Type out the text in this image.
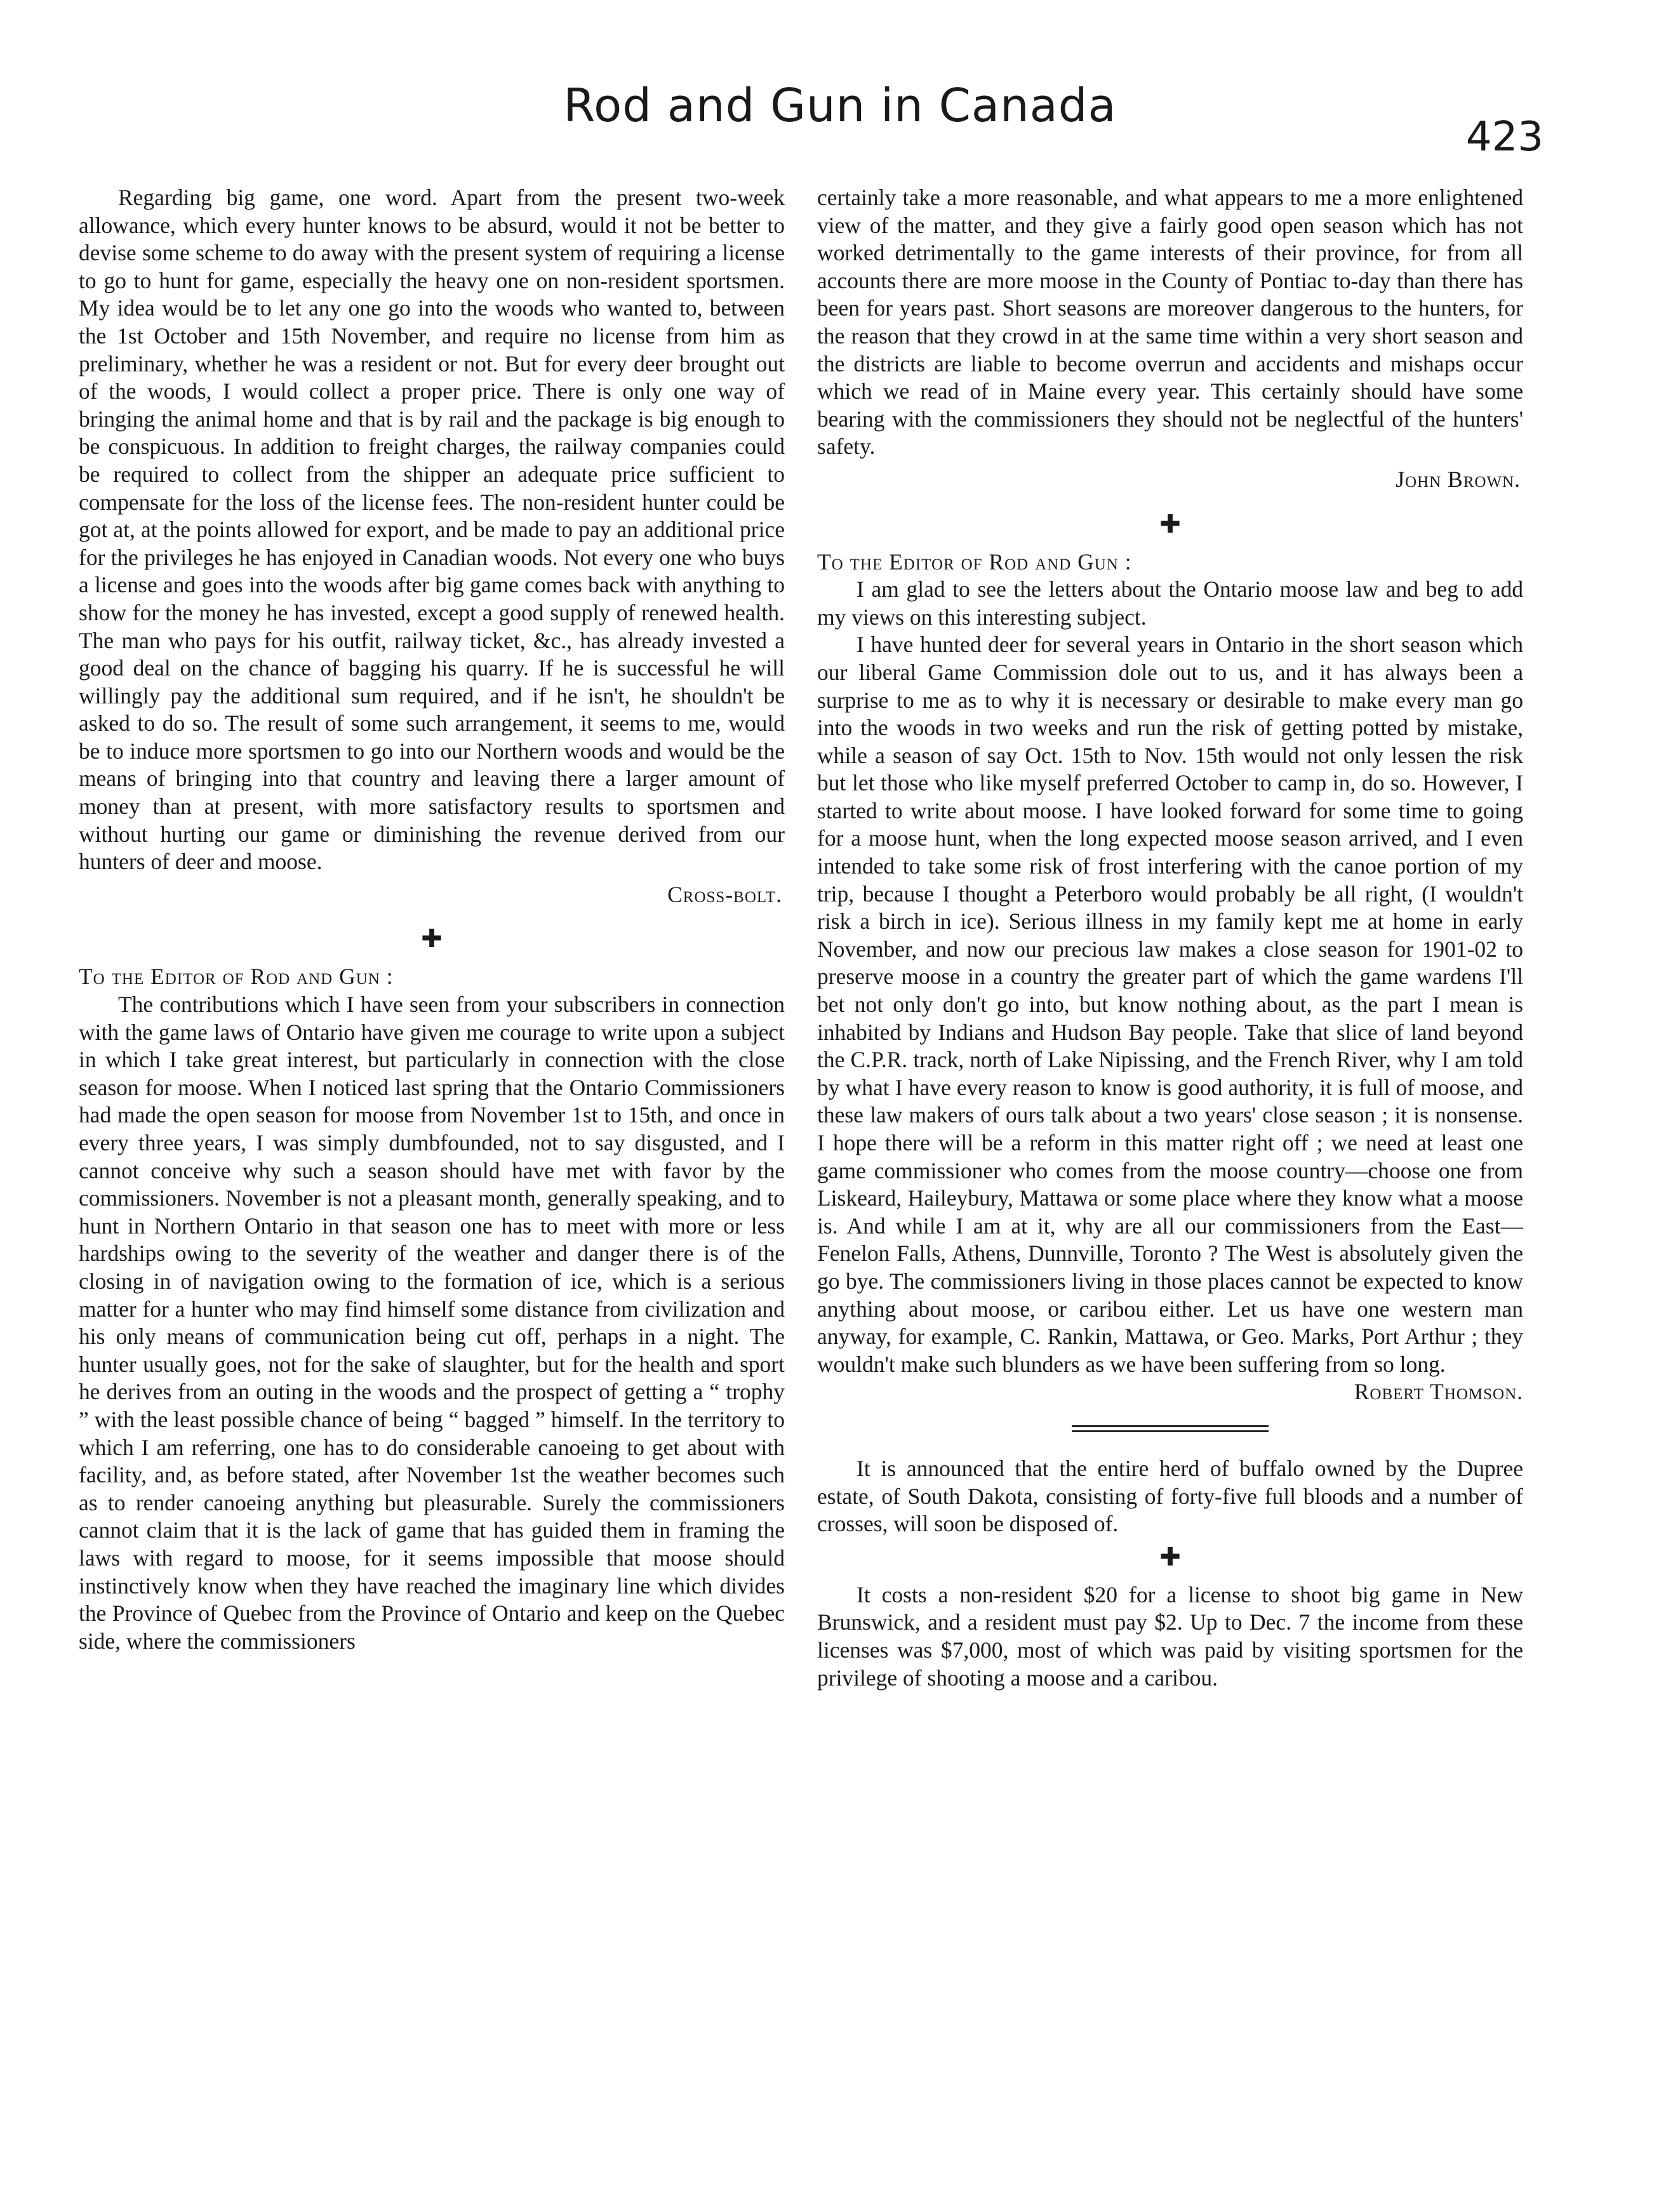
Rod and Gun in Canada
423

Regarding big game, one word. Apart from the present two-week allowance, which every hunter knows to be absurd, would it not be better to devise some scheme to do away with the present system of requiring a license to go to hunt for game, especially the heavy one on non-resident sportsmen. My idea would be to let any one go into the woods who wanted to, between the 1st October and 15th November, and require no license from him as preliminary, whether he was a resident or not. But for every deer brought out of the woods, I would collect a proper price. There is only one way of bringing the animal home and that is by rail and the package is big enough to be conspicuous. In addition to freight charges, the railway companies could be required to collect from the shipper an adequate price sufficient to compensate for the loss of the license fees. The non-resident hunter could be got at, at the points allowed for export, and be made to pay an additional price for the privileges he has enjoyed in Canadian woods. Not every one who buys a license and goes into the woods after big game comes back with anything to show for the money he has invested, except a good supply of renewed health. The man who pays for his outfit, railway ticket, &c., has already invested a good deal on the chance of bagging his quarry. If he is successful he will willingly pay the additional sum required, and if he isn't, he shouldn't be asked to do so. The result of some such arrangement, it seems to me, would be to induce more sportsmen to go into our Northern woods and would be the means of bringing into that country and leaving there a larger amount of money than at present, with more satisfactory results to sportsmen and without hurting our game or diminishing the revenue derived from our hunters of deer and moose.

Cross-bolt.
✚

To the Editor of Rod and Gun :

The contributions which I have seen from your subscribers in connection with the game laws of Ontario have given me courage to write upon a subject in which I take great interest, but particularly in connection with the close season for moose. When I noticed last spring that the Ontario Commissioners had made the open season for moose from November 1st to 15th, and once in every three years, I was simply dumbfounded, not to say disgusted, and I cannot conceive why such a season should have met with favor by the commissioners. November is not a pleasant month, generally speaking, and to hunt in Northern Ontario in that season one has to meet with more or less hardships owing to the severity of the weather and danger there is of the closing in of navigation owing to the formation of ice, which is a serious matter for a hunter who may find himself some distance from civilization and his only means of communication being cut off, perhaps in a night. The hunter usually goes, not for the sake of slaughter, but for the health and sport he derives from an outing in the woods and the prospect of getting a “ trophy ” with the least possible chance of being “ bagged ” himself. In the territory to which I am referring, one has to do considerable canoeing to get about with facility, and, as before stated, after November 1st the weather becomes such as to render canoeing anything but pleasurable. Surely the commissioners cannot claim that it is the lack of game that has guided them in framing the laws with regard to moose, for it seems impossible that moose should instinctively know when they have reached the imaginary line which divides the Province of Quebec from the Province of Ontario and keep on the Quebec side, where the commissioners

certainly take a more reasonable, and what appears to me a more enlightened view of the matter, and they give a fairly good open season which has not worked detrimentally to the game interests of their province, for from all accounts there are more moose in the County of Pontiac to-day than there has been for years past. Short seasons are moreover dangerous to the hunters, for the reason that they crowd in at the same time within a very short season and the districts are liable to become overrun and accidents and mishaps occur which we read of in Maine every year. This certainly should have some bearing with the commissioners they should not be neglectful of the hunters' safety.

John Brown.
✚

To the Editor of Rod and Gun :

I am glad to see the letters about the Ontario moose law and beg to add my views on this interesting subject.

I have hunted deer for several years in Ontario in the short season which our liberal Game Commission dole out to us, and it has always been a surprise to me as to why it is necessary or desirable to make every man go into the woods in two weeks and run the risk of getting potted by mistake, while a season of say Oct. 15th to Nov. 15th would not only lessen the risk but let those who like myself preferred October to camp in, do so. However, I started to write about moose. I have looked forward for some time to going for a moose hunt, when the long expected moose season arrived, and I even intended to take some risk of frost interfering with the canoe portion of my trip, because I thought a Peterboro would probably be all right, (I wouldn't risk a birch in ice). Serious illness in my family kept me at home in early November, and now our precious law makes a close season for 1901-02 to preserve moose in a country the greater part of which the game wardens I'll bet not only don't go into, but know nothing about, as the part I mean is inhabited by Indians and Hudson Bay people. Take that slice of land beyond the C.P.R. track, north of Lake Nipissing, and the French River, why I am told by what I have every reason to know is good authority, it is full of moose, and these law makers of ours talk about a two years' close season ; it is nonsense. I hope there will be a reform in this matter right off ; we need at least one game commissioner who comes from the moose country—choose one from Liskeard, Haileybury, Mattawa or some place where they know what a moose is. And while I am at it, why are all our commissioners from the East—Fenelon Falls, Athens, Dunnville, Toronto ? The West is absolutely given the go bye. The commissioners living in those places cannot be expected to know anything about moose, or caribou either. Let us have one western man anyway, for example, C. Rankin, Mattawa, or Geo. Marks, Port Arthur ; they wouldn't make such blunders as we have been suffering from so long.
Robert Thomson.

It is announced that the entire herd of buffalo owned by the Dupree estate, of South Dakota, consisting of forty-five full bloods and a number of crosses, will soon be disposed of.

✚

It costs a non-resident $20 for a license to shoot big game in New Brunswick, and a resident must pay $2. Up to Dec. 7 the income from these licenses was $7,000, most of which was paid by visiting sportsmen for the privilege of shooting a moose and a caribou.
